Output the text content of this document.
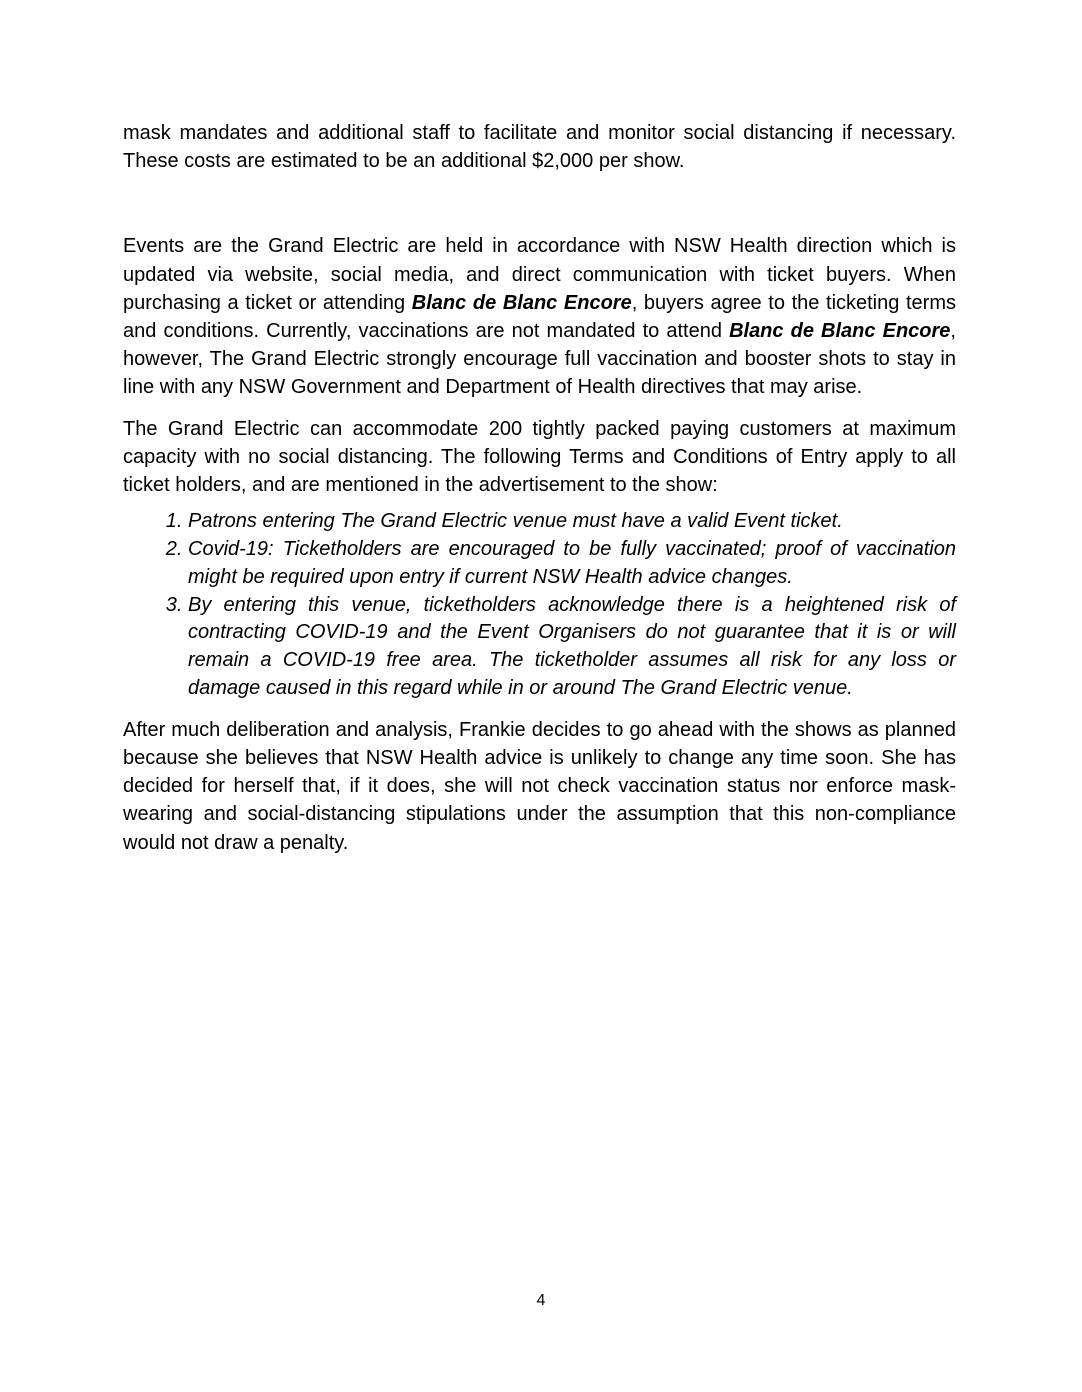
mask mandates and additional staff to facilitate and monitor social distancing if necessary. These costs are estimated to be an additional $2,000 per show.

Events are the Grand Electric are held in accordance with NSW Health direction which is updated via website, social media, and direct communication with ticket buyers. When purchasing a ticket or attending Blanc de Blanc Encore, buyers agree to the ticketing terms and conditions. Currently, vaccinations are not mandated to attend Blanc de Blanc Encore, however, The Grand Electric strongly encourage full vaccination and booster shots to stay in line with any NSW Government and Department of Health directives that may arise.

The Grand Electric can accommodate 200 tightly packed paying customers at maximum capacity with no social distancing. The following Terms and Conditions of Entry apply to all ticket holders, and are mentioned in the advertisement to the show:

1. Patrons entering The Grand Electric venue must have a valid Event ticket.
2. Covid-19: Ticketholders are encouraged to be fully vaccinated; proof of vaccination might be required upon entry if current NSW Health advice changes.
3. By entering this venue, ticketholders acknowledge there is a heightened risk of contracting COVID-19 and the Event Organisers do not guarantee that it is or will remain a COVID-19 free area. The ticketholder assumes all risk for any loss or damage caused in this regard while in or around The Grand Electric venue.

After much deliberation and analysis, Frankie decides to go ahead with the shows as planned because she believes that NSW Health advice is unlikely to change any time soon. She has decided for herself that, if it does, she will not check vaccination status nor enforce mask-wearing and social-distancing stipulations under the assumption that this non-compliance would not draw a penalty.

4
